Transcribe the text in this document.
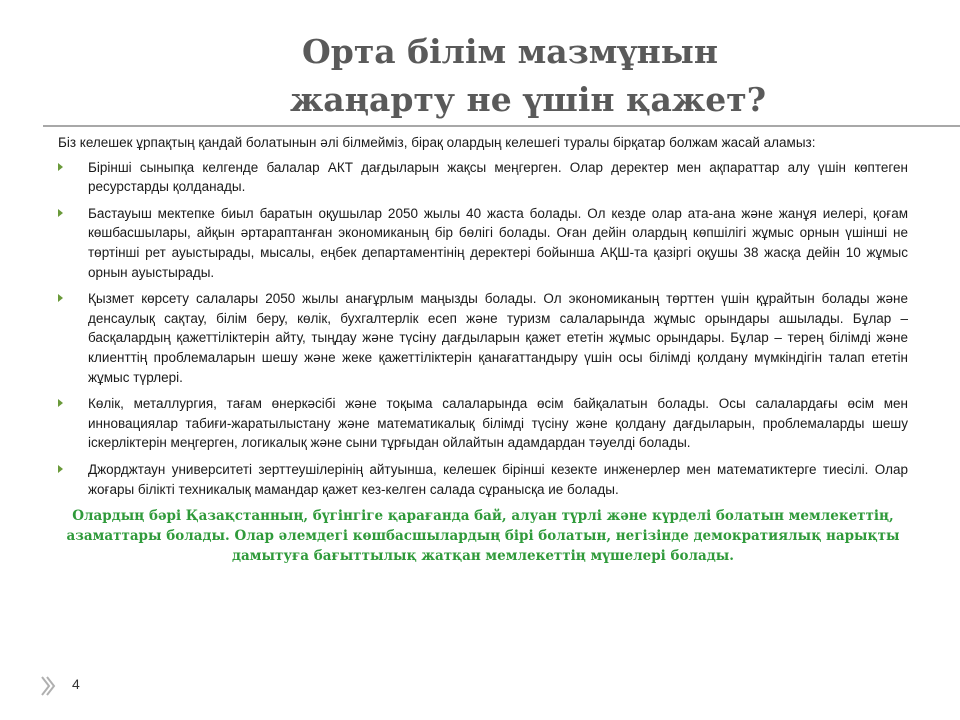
Орта білім мазмұнын
жаңарту не үшін қажет?

Біз келешек ұрпақтың қандай болатынын әлі білмейміз, бірақ олардың келешегі туралы бірқатар болжам жасай аламыз:

Бірінші сыныпқа келгенде балалар АКТ дағдыларын жақсы меңгерген. Олар деректер мен ақпараттар алу үшін көптеген ресурстарды қолданады.
Бастауыш мектепке биыл баратын оқушылар 2050 жылы 40 жаста болады. Ол кезде олар ата-ана және жанұя иелері, қоғам көшбасшылары, айқын әртараптанған экономиканың бір бөлігі болады. Оған дейін олардың көпшілігі жұмыс орнын үшінші не төртінші рет ауыстырады, мысалы, еңбек департаментінің деректері бойынша АҚШ-та қазіргі оқушы 38 жасқа дейін 10 жұмыс орнын ауыстырады.
Қызмет көрсету салалары 2050 жылы анағұрлым маңызды болады. Ол экономиканың төрттен үшін құрайтын болады және денсаулық сақтау, білім беру, көлік, бухгалтерлік есеп және туризм салаларында жұмыс орындары ашылады. Бұлар – басқалардың қажеттіліктерін айту, тыңдау және түсіну дағдыларын қажет ететін жұмыс орындары. Бұлар – терең білімді және клиенттің проблемаларын шешу және жеке қажеттіліктерін қанағаттандыру үшін осы білімді қолдану мүмкіндігін талап ететін жұмыс түрлері.
Көлік, металлургия, тағам өнеркәсібі және тоқыма салаларында өсім байқалатын болады. Осы салалардағы өсім мен инновациялар табиғи-жаратылыстану және математикалық білімді түсіну және қолдану дағдыларын, проблемаларды шешу іскерліктерін меңгерген, логикалық және сыни тұрғыдан ойлайтын адамдардан тәуелді болады.
Джорджтаун университеті зерттеушілерінің айтуынша, келешек бірінші кезекте инженерлер мен математиктерге тиесілі. Олар жоғары білікті техникалық мамандар қажет кез-келген салада сұранысқа ие болады.

Олардың бәрі Қазақстанның, бүгінгіге қарағанда бай, алуан түрлі және күрделі болатын мемлекеттің, азаматтары болады. Олар әлемдегі көшбасшылардың бірі болатын, негізінде демократиялық нарықты дамытуға бағыттылық жатқан мемлекеттің мүшелері болады.

4
